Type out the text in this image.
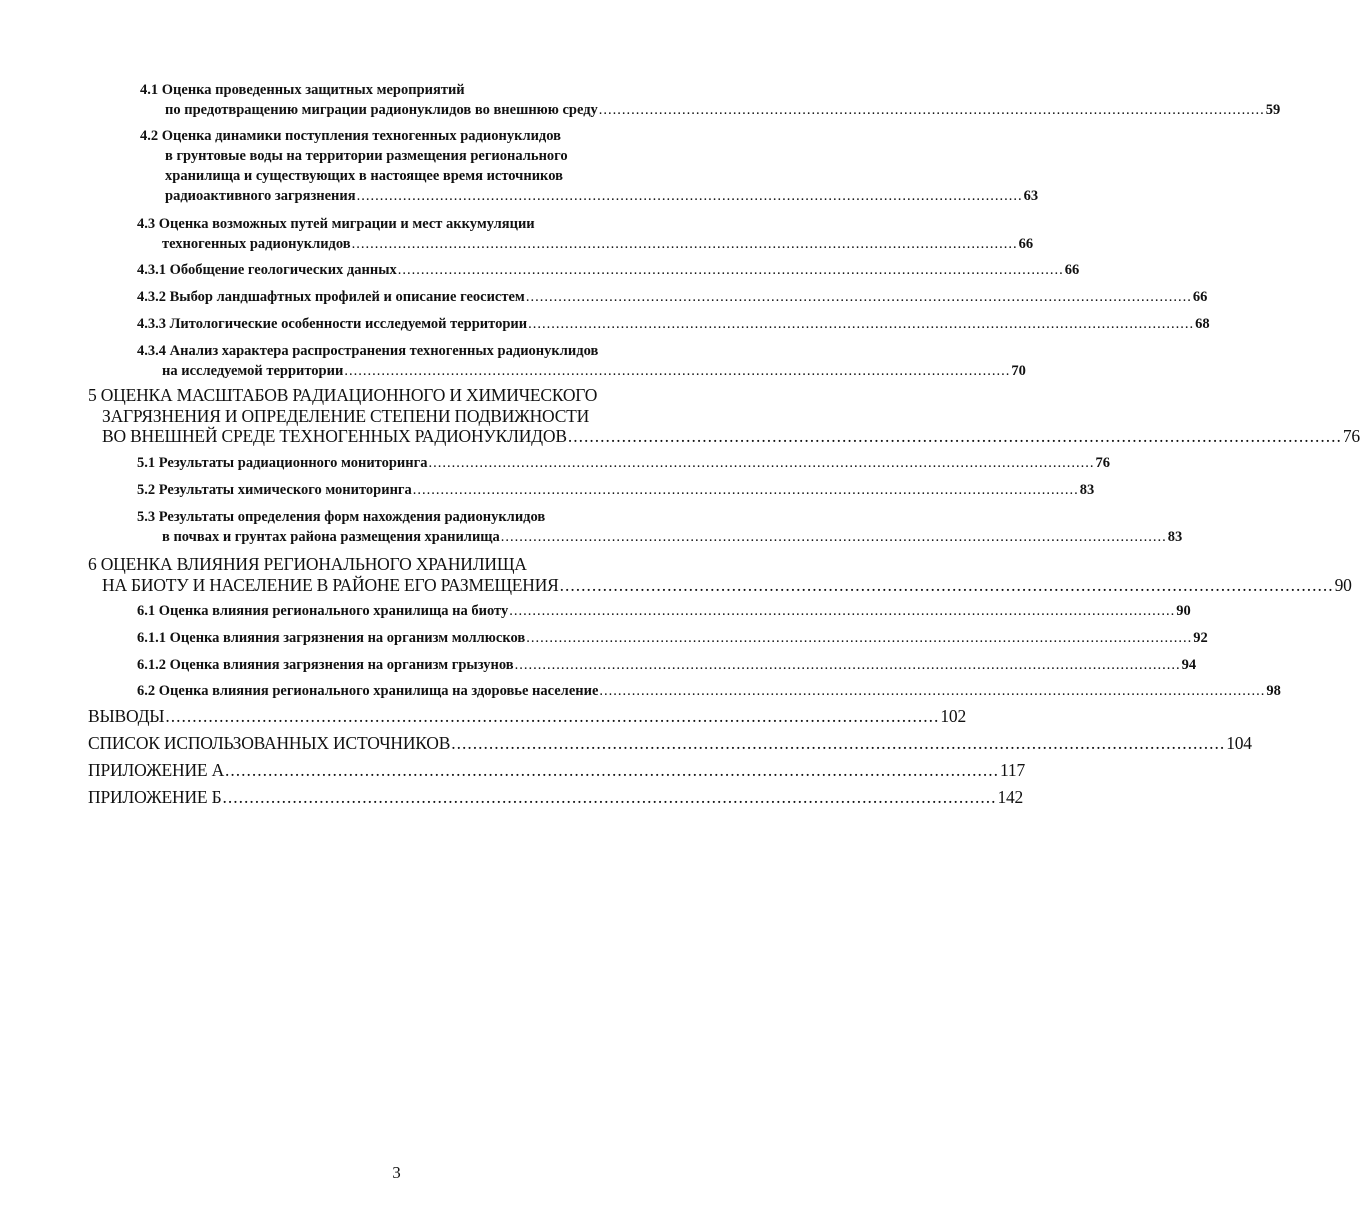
4.1 Оценка проведенных защитных мероприятий
по предотвращению миграции радионуклидов во внешнюю среду ................................................................................................................................................ 59
4.2 Оценка динамики поступления техногенных радионуклидов
в грунтовые воды на территории размещения регионального
хранилища и существующих в настоящее время источников
радиоактивного загрязнения ................................................................................................................................................ 63
4.3 Оценка возможных путей миграции и мест аккумуляции
техногенных радионуклидов ................................................................................................................................................ 66
4.3.1 Обобщение геологических данных ................................................................................................................................................ 66
4.3.2 Выбор ландшафтных профилей и описание геосистем ................................................................................................................................................ 66
4.3.3 Литологические особенности исследуемой территории ................................................................................................................................................ 68
4.3.4 Анализ характера распространения техногенных радионуклидов
на исследуемой территории ................................................................................................................................................ 70
5 ОЦЕНКА МАСШТАБОВ РАДИАЦИОННОГО И ХИМИЧЕСКОГО
ЗАГРЯЗНЕНИЯ И ОПРЕДЕЛЕНИЕ СТЕПЕНИ ПОДВИЖНОСТИ
ВО ВНЕШНЕЙ СРЕДЕ ТЕХНОГЕННЫХ РАДИОНУКЛИДОВ ................................................................................................................................................ 76
5.1 Результаты радиационного мониторинга ................................................................................................................................................ 76
5.2 Результаты химического мониторинга ................................................................................................................................................ 83
5.3 Результаты определения форм нахождения радионуклидов
в почвах и грунтах района размещения хранилища ................................................................................................................................................ 83
6 ОЦЕНКА ВЛИЯНИЯ РЕГИОНАЛЬНОГО ХРАНИЛИЩА
НА БИОТУ И НАСЕЛЕНИЕ В РАЙОНЕ ЕГО РАЗМЕЩЕНИЯ ................................................................................................................................................ 90
6.1 Оценка влияния регионального хранилища на биоту ................................................................................................................................................ 90
6.1.1 Оценка влияния загрязнения на организм моллюсков ................................................................................................................................................ 92
6.1.2 Оценка влияния загрязнения на организм грызунов ................................................................................................................................................ 94
6.2 Оценка влияния регионального хранилища на здоровье население ................................................................................................................................................ 98
ВЫВОДЫ ................................................................................................................................................ 102
СПИСОК ИСПОЛЬЗОВАННЫХ ИСТОЧНИКОВ ................................................................................................................................................ 104
ПРИЛОЖЕНИЕ А ................................................................................................................................................ 117
ПРИЛОЖЕНИЕ Б ................................................................................................................................................ 142
3
